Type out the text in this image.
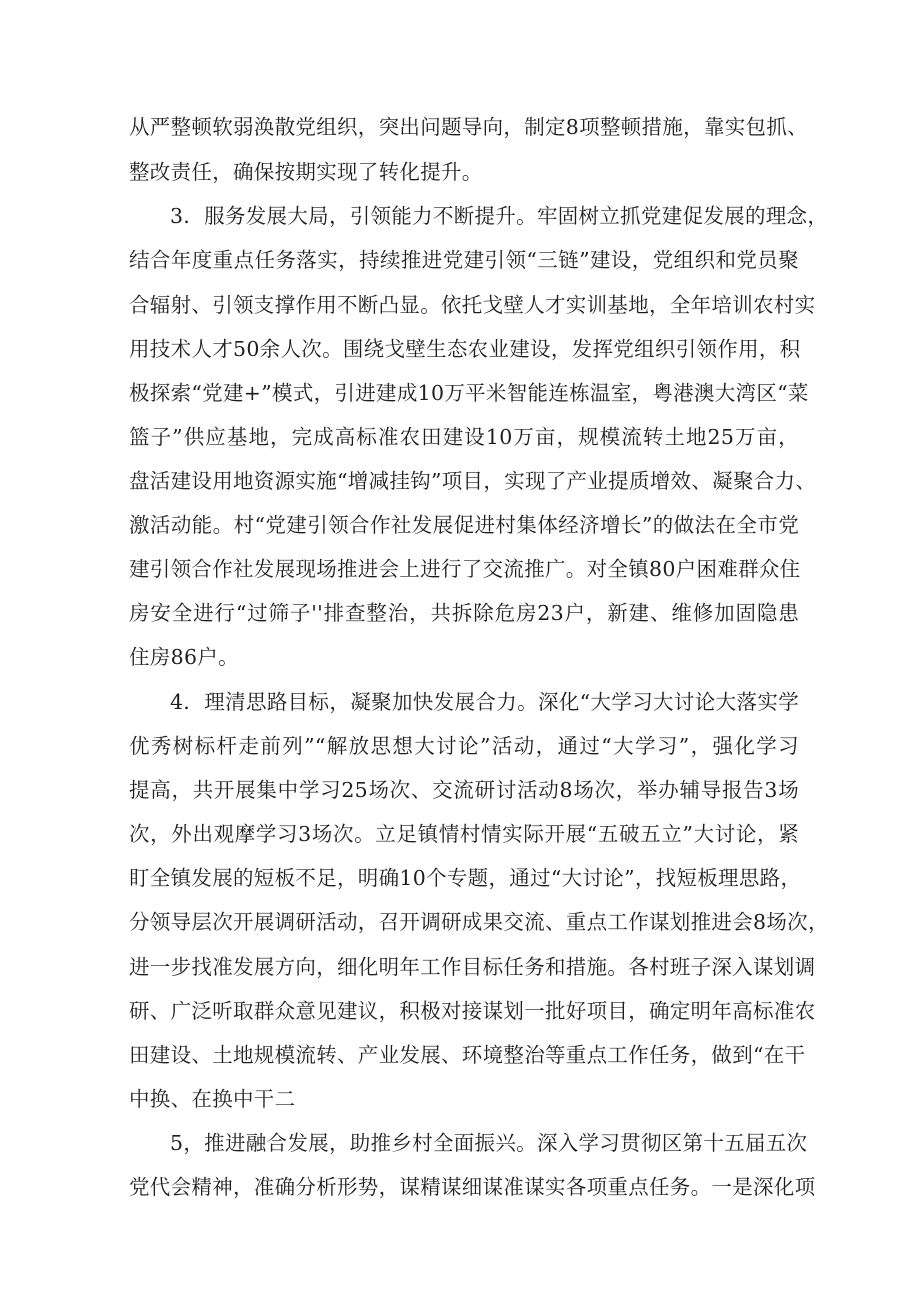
从严整顿软弱涣散党组织，突出问题导向，制定8项整顿措施，靠实包抓、
整改责任，确保按期实现了转化提升。
3．服务发展大局，引领能力不断提升。牢固树立抓党建促发展的理念，
结合年度重点任务落实，持续推进党建引领“三链”建设，党组织和党员聚
合辐射、引领支撑作用不断凸显。依托戈壁人才实训基地，全年培训农村实
用技术人才50余人次。围绕戈壁生态农业建设，发挥党组织引领作用，积
极探索“党建+”模式，引进建成10万平米智能连栋温室，粤港澳大湾区“菜
篮子”供应基地，完成高标准农田建设10万亩，规模流转土地25万亩，
盘活建设用地资源实施“增减挂钩”项目，实现了产业提质增效、凝聚合力、
激活动能。村“党建引领合作社发展促进村集体经济增长”的做法在全市党
建引领合作社发展现场推进会上进行了交流推广。对全镇80户困难群众住
房安全进行“过筛子''排查整治，共拆除危房23户，新建、维修加固隐患
住房86户。
4．理清思路目标，凝聚加快发展合力。深化“大学习大讨论大落实学
优秀树标杆走前列”“解放思想大讨论”活动，通过“大学习”，强化学习
提高，共开展集中学习25场次、交流研讨活动8场次，举办辅导报告3场
次，外出观摩学习3场次。立足镇情村情实际开展“五破五立”大讨论，紧
盯全镇发展的短板不足，明确10个专题，通过“大讨论”，找短板理思路，
分领导层次开展调研活动，召开调研成果交流、重点工作谋划推进会8场次，
进一步找准发展方向，细化明年工作目标任务和措施。各村班子深入谋划调
研、广泛听取群众意见建议，积极对接谋划一批好项目，确定明年高标准农
田建设、土地规模流转、产业发展、环境整治等重点工作任务，做到“在干
中换、在换中干二
5，推进融合发展，助推乡村全面振兴。深入学习贯彻区第十五届五次
党代会精神，准确分析形势，谋精谋细谋准谋实各项重点任务。一是深化项
